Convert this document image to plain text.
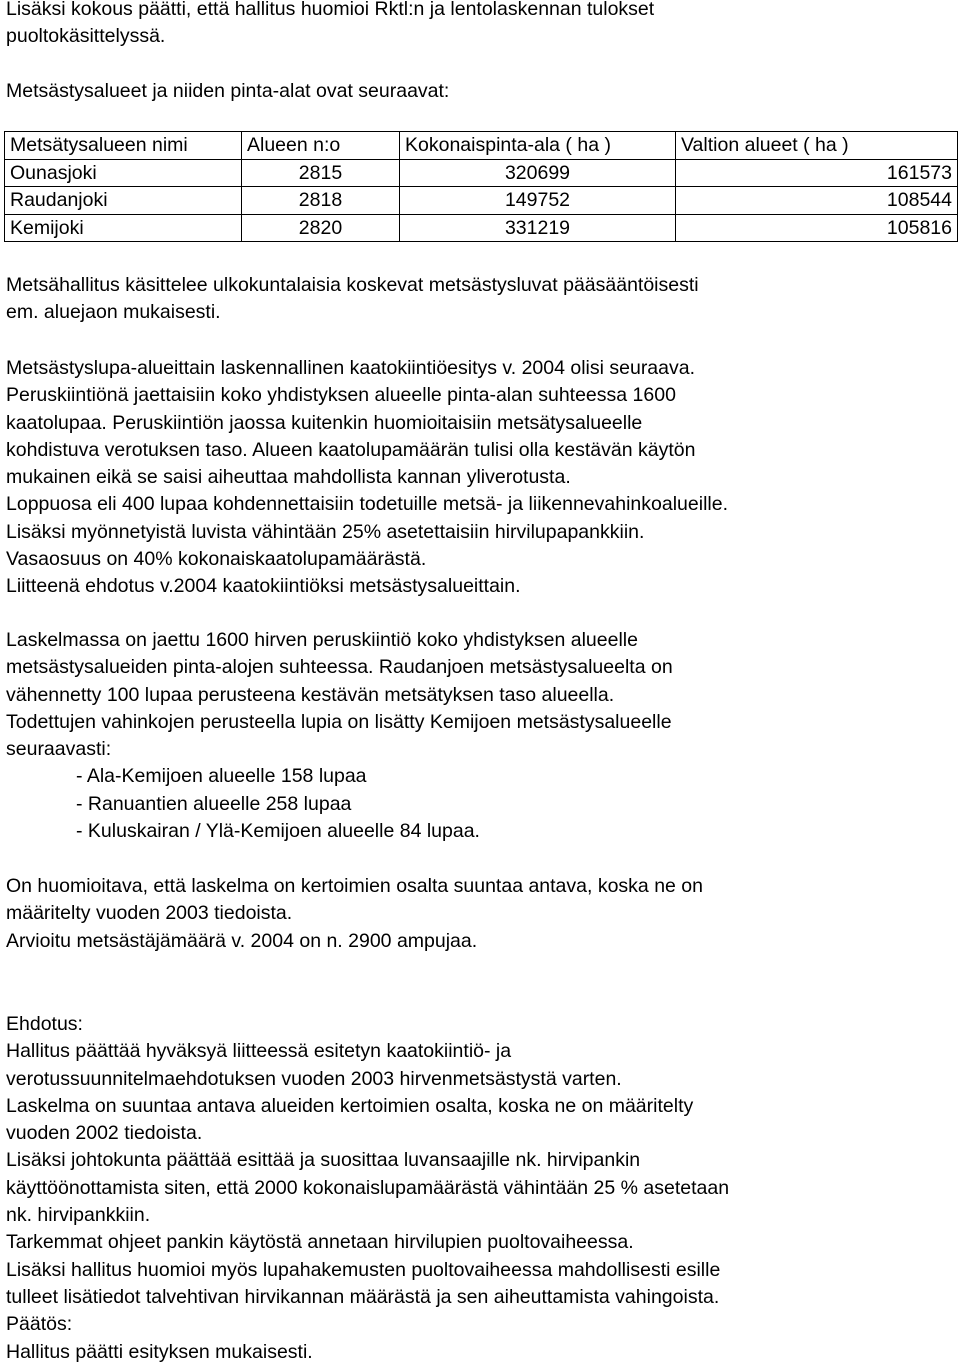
Lisäksi kokous päätti, että hallitus huomioi Rktl:n ja lentolaskennan tulokset
puoltokäsittelyssä.
Metsästysalueet ja niiden pinta-alat ovat seuraavat:
Metsätysalueen nimi	Alueen n:o	Kokonaispinta-ala ( ha )	Valtion alueet ( ha )
Ounasjoki	2815	320699	161573
Raudanjoki	2818	149752	108544
Kemijoki	2820	331219	105816
Metsähallitus käsittelee ulkokuntalaisia koskevat metsästysluvat pääsääntöisesti
em. aluejaon mukaisesti.
Metsästyslupa-alueittain laskennallinen kaatokiintiöesitys v. 2004 olisi seuraava.
Peruskiintiönä jaettaisiin koko yhdistyksen alueelle pinta-alan suhteessa 1600
kaatolupaa. Peruskiintiön jaossa kuitenkin huomioitaisiin metsätysalueelle
kohdistuva verotuksen taso. Alueen kaatolupamäärän tulisi olla kestävän käytön
mukainen eikä se saisi aiheuttaa mahdollista kannan yliverotusta.
Loppuosa eli 400 lupaa kohdennettaisiin todetuille metsä- ja liikennevahinkoalueille.
Lisäksi myönnetyistä luvista vähintään 25% asetettaisiin hirvilupapankkiin.
Vasaosuus on 40% kokonaiskaatolupamäärästä.
Liitteenä ehdotus v.2004 kaatokiintiöksi metsästysalueittain.
Laskelmassa on jaettu 1600 hirven peruskiintiö koko yhdistyksen alueelle
metsästysalueiden pinta-alojen suhteessa. Raudanjoen metsästysalueelta on
vähennetty 100 lupaa perusteena kestävän metsätyksen taso alueella.
Todettujen vahinkojen perusteella lupia on lisätty Kemijoen metsästysalueelle
seuraavasti:
- Ala-Kemijoen alueelle 158 lupaa
- Ranuantien alueelle 258 lupaa
- Kuluskairan / Ylä-Kemijoen alueelle 84 lupaa.
On huomioitava, että laskelma on kertoimien osalta suuntaa antava, koska ne on
määritelty vuoden 2003 tiedoista.
Arvioitu metsästäjämäärä v. 2004 on n. 2900 ampujaa.
Ehdotus:
Hallitus päättää hyväksyä liitteessä esitetyn kaatokiintiö- ja
verotussuunnitelmaehdotuksen vuoden 2003 hirvenmetsästystä varten.
Laskelma on suuntaa antava alueiden kertoimien osalta, koska ne on määritelty
vuoden 2002 tiedoista.
Lisäksi johtokunta päättää esittää ja suosittaa luvansaajille nk. hirvipankin
käyttöönottamista siten, että 2000 kokonaislupamäärästä vähintään 25 % asetetaan
nk. hirvipankkiin.
Tarkemmat ohjeet pankin käytöstä annetaan hirvilupien puoltovaiheessa.
Lisäksi hallitus huomioi myös lupahakemusten puoltovaiheessa mahdollisesti esille
tulleet lisätiedot talvehtivan hirvikannan määrästä ja sen aiheuttamista vahingoista.
Päätös:
Hallitus päätti esityksen mukaisesti.
